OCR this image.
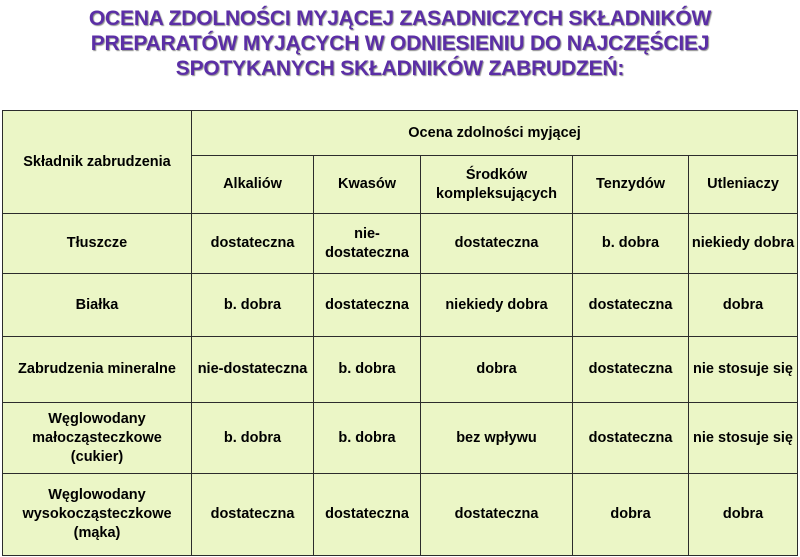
OCENA ZDOLNOŚCI MYJĄCEJ ZASADNICZYCH SKŁADNIKÓW
PREPARATÓW MYJĄCYCH W ODNIESIENIU DO NAJCZĘŚCIEJ
SPOTYKANYCH SKŁADNIKÓW ZABRUDZEŃ:
Składnik zabrudzenia	Ocena zdolności myjącej				
	Alkaliów	Kwasów	Środków kompleksujących	Tenzydów	Utleniaczy
Tłuszcze	dostateczna	nie-dostateczna	dostateczna	b. dobra	niekiedy dobra
Białka	b. dobra	dostateczna	niekiedy dobra	dostateczna	dobra
Zabrudzenia mineralne	nie-dostateczna	b. dobra	dobra	dostateczna	nie stosuje się
Węglowodany małocząsteczkowe (cukier)	b. dobra	b. dobra	bez wpływu	dostateczna	nie stosuje się
Węglowodany wysokocząsteczkowe (mąka)	dostateczna	dostateczna	dostateczna	dobra	dobra
